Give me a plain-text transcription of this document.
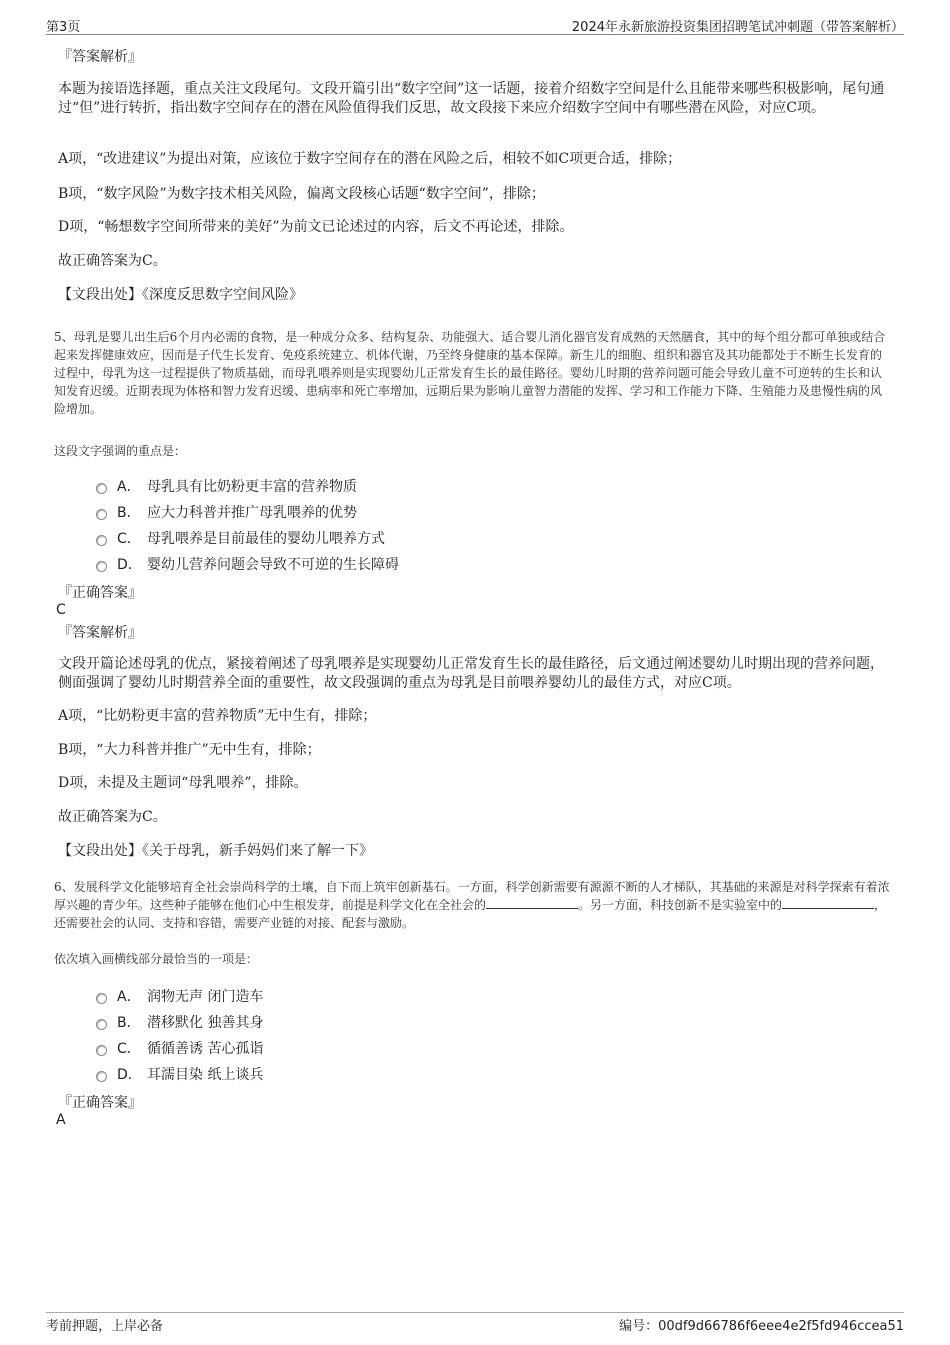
第3页	2024年永新旅游投资集团招聘笔试冲刺题（带答案解析）
『答案解析』
本题为接语选择题，重点关注文段尾句。文段开篇引出“数字空间”这一话题，接着介绍数字空间是什么且能带来哪些积极影响，尾句通过“但”进行转折，指出数字空间存在的潜在风险值得我们反思，故文段接下来应介绍数字空间中有哪些潜在风险，对应C项。
A项，“改进建议”为提出对策，应该位于数字空间存在的潜在风险之后，相较不如C项更合适，排除；
B项，“数字风险”为数字技术相关风险，偏离文段核心话题“数字空间”，排除；
D项，“畅想数字空间所带来的美好”为前文已论述过的内容，后文不再论述，排除。
故正确答案为C。
【文段出处】《深度反思数字空间风险》
5、母乳是婴儿出生后6个月内必需的食物，是一种成分众多、结构复杂、功能强大、适合婴儿消化器官发育成熟的天然膳食，其中的每个组分都可单独或结合起来发挥健康效应，因而是子代生长发育、免疫系统建立、机体代谢，乃至终身健康的基本保障。新生儿的细胞、组织和器官及其功能都处于不断生长发育的过程中，母乳为这一过程提供了物质基础，而母乳喂养则是实现婴幼儿正常发育生长的最佳路径。婴幼儿时期的营养问题可能会导致儿童不可逆转的生长和认知发育迟缓。近期表现为体格和智力发育迟缓、患病率和死亡率增加，远期后果为影响儿童智力潜能的发挥、学习和工作能力下降、生殖能力及患慢性病的风险增加。
这段文字强调的重点是：
A． 母乳具有比奶粉更丰富的营养物质
B． 应大力科普并推广母乳喂养的优势
C． 母乳喂养是目前最佳的婴幼儿喂养方式
D． 婴幼儿营养问题会导致不可逆的生长障碍
『正确答案』
C
『答案解析』
文段开篇论述母乳的优点，紧接着阐述了母乳喂养是实现婴幼儿正常发育生长的最佳路径，后文通过阐述婴幼儿时期出现的营养问题，侧面强调了婴幼儿时期营养全面的重要性，故文段强调的重点为母乳是目前喂养婴幼儿的最佳方式，对应C项。
A项，“比奶粉更丰富的营养物质”无中生有，排除；
B项，“大力科普并推广”无中生有，排除；
D项，未提及主题词“母乳喂养”，排除。
故正确答案为C。
【文段出处】《关于母乳，新手妈妈们来了解一下》
6、发展科学文化能够培育全社会崇尚科学的土壤，自下而上筑牢创新基石。一方面，科学创新需要有源源不断的人才梯队，其基础的来源是对科学探索有着浓厚兴趣的青少年。这些种子能够在他们心中生根发芽，前提是科学文化在全社会的	。另一方面，科技创新不是实验室中的	，还需要社会的认同、支持和容错，需要产业链的对接、配套与激励。
依次填入画横线部分最恰当的一项是：
A． 润物无声 闭门造车
B． 潜移默化 独善其身
C． 循循善诱 苦心孤诣
D． 耳濡目染 纸上谈兵
『正确答案』
A
考前押题，上岸必备	编号：00df9d66786f6eee4e2f5fd946ccea51
